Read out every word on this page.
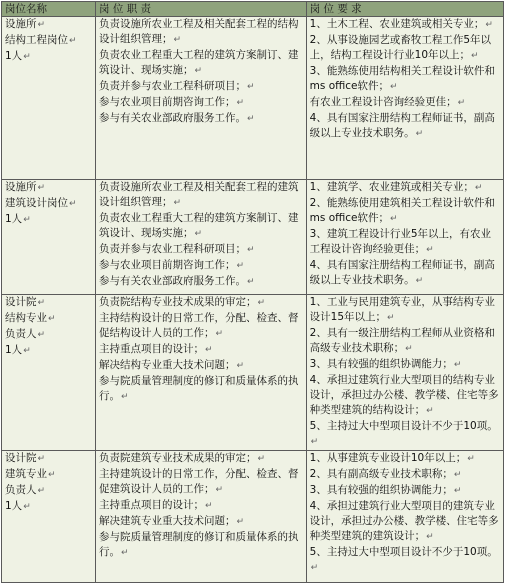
岗位名称	岗 位 职 责	岗 位 要 求

设施所↵
结构工程岗位↵
1人↵	负责设施所农业工程及相关配套工程的结构设计组织管理；↵
负责农业工程重大工程的建筑方案制订、建筑设计、现场实施；↵
负责并参与农业工程科研项目；↵
参与农业项目前期咨询工作；↵
参与有关农业部政府服务工作。↵	1、土木工程、农业建筑或相关专业；↵
2、从事设施园艺或畜牧工程工作5年以上，结构工程设计行业10年以上；↵
3、能熟练使用结构相关工程设计软件和ms office软件；↵
有农业工程设计咨询经验更佳；↵
4、具有国家注册结构工程师证书，副高级以上专业技术职务。↵

设施所↵
建筑设计岗位↵
1人↵	负责设施所农业工程及相关配套工程的建筑设计组织管理；↵
负责农业工程重大工程的建筑方案制订、建筑设计、现场实施；↵
负责并参与农业工程科研项目；↵
参与农业项目前期咨询工作；↵
参与有关农业部政府服务工作。↵	1、建筑学、农业建筑或相关专业；↵
2、能熟练使用建筑相关工程设计软件和ms office软件；↵
3、建筑工程设计行业5年以上，有农业工程设计咨询经验更佳；↵
4、具有国家注册结构工程师证书，副高级以上专业技术职务。↵

设计院↵
结构专业↵
负责人↵
1人↵	负责院结构专业技术成果的审定；↵
主持结构设计的日常工作，分配、检查、督促结构设计人员的工作；↵
主持重点项目的设计；↵
解决结构专业重大技术问题；↵
参与院质量管理制度的修订和质量体系的执行。↵	1、工业与民用建筑专业，从事结构专业设计15年以上；↵
2、具有一级注册结构工程师从业资格和高级专业技术职称；↵
3、具有较强的组织协调能力；↵
4、承担过建筑行业大型项目的结构专业设计，承担过办公楼、教学楼、住宅等多种类型建筑的结构设计；↵
5、主持过大中型项目设计不少于10项。↵

设计院↵
建筑专业↵
负责人↵
1人↵	负责院建筑专业技术成果的审定；↵
主持建筑设计的日常工作，分配、检查、督促建筑设计人员的工作；↵
主持重点项目的设计；↵
解决建筑专业重大技术问题；↵
参与院质量管理制度的修订和质量体系的执行。↵	1、从事建筑专业设计10年以上；↵
2、具有副高级专业技术职称；↵
3、具有较强的组织协调能力；↵
4、承担过建筑行业大型项目的建筑专业设计，承担过办公楼、教学楼、住宅等多种类型建筑的建筑设计；↵
5、主持过大中型项目设计不少于10项。↵
